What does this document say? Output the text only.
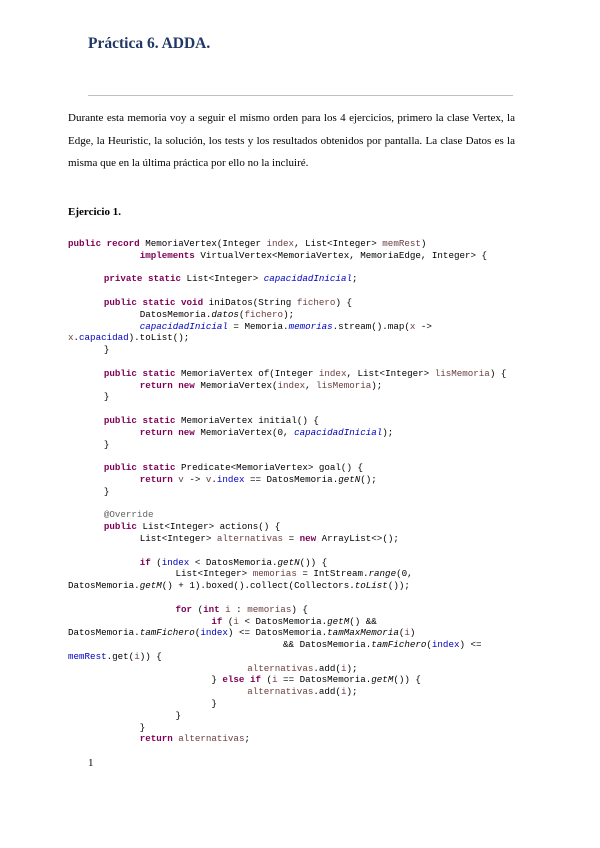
Práctica 6. ADDA.
Durante esta memoria voy a seguir el mismo orden para los 4 ejercicios, primero la clase Vertex, la Edge, la Heuristic, la solución, los tests y los resultados obtenidos por pantalla. La clase Datos es la misma que en la última práctica por ello no la incluiré.
Ejercicio 1.
public record MemoriaVertex(Integer index, List<Integer> memRest)
		implements VirtualVertex<MemoriaVertex, MemoriaEdge, Integer> {
	private static List<Integer> capacidadInicial;
	public static void iniDatos(String fichero) {
		DatosMemoria.datos(fichero);
		capacidadInicial = Memoria.memorias.stream().map(x ->
x.capacidad).toList();
	}
	public static MemoriaVertex of(Integer index, List<Integer> lisMemoria) {
		return new MemoriaVertex(index, lisMemoria);
	}
	public static MemoriaVertex initial() {
		return new MemoriaVertex(0, capacidadInicial);
	}
	public static Predicate<MemoriaVertex> goal() {
		return v -> v.index == DatosMemoria.getN();
	}
	@Override
	public List<Integer> actions() {
		List<Integer> alternativas = new ArrayList<>();
		if (index < DatosMemoria.getN()) {
			List<Integer> memorias = IntStream.range(0,
DatosMemoria.getM() + 1).boxed().collect(Collectors.toList());
			for (int i : memorias) {
				if (i < DatosMemoria.getM() &&
DatosMemoria.tamFichero(index) <= DatosMemoria.tamMaxMemoria(i)
						&& DatosMemoria.tamFichero(index) <=
memRest.get(i)) {
					alternativas.add(i);
				} else if (i == DatosMemoria.getM()) {
					alternativas.add(i);
				}
			}
		}
		return alternativas;
1
